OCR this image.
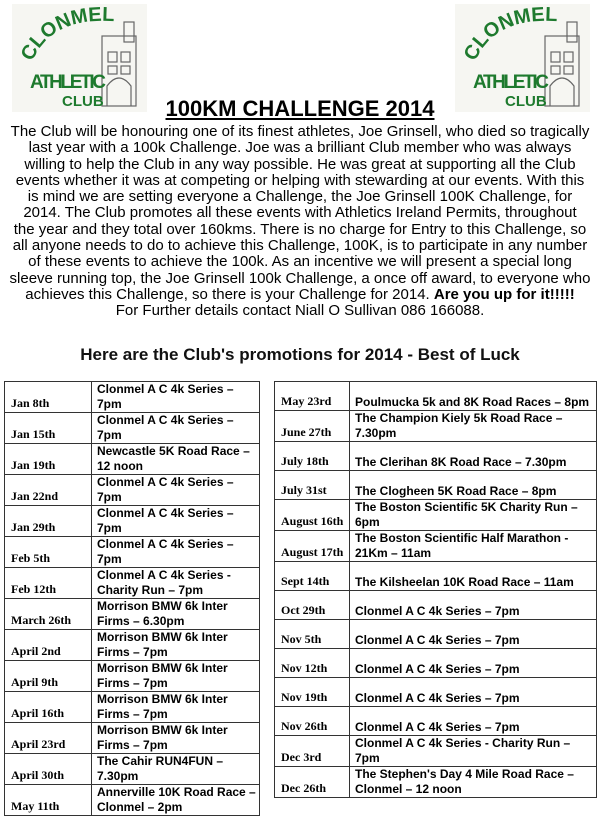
CLONMEL
ATHLETIC
CLUB
CLONMEL
ATHLETIC
CLUB
100KM CHALLENGE 2014
The Club will be honouring one of its finest athletes, Joe Grinsell, who died so tragically
last year with a 100k Challenge. Joe was a brilliant Club member who was always
willing to help the Club in any way possible. He was great at supporting all the Club
events whether it was at competing or helping with stewarding at our events. With this
is mind we are setting everyone a Challenge, the Joe Grinsell 100K Challenge, for
2014. The Club promotes all these events with Athletics Ireland Permits, throughout
the year and they total over 160kms. There is no charge for Entry to this Challenge, so
all anyone needs to do to achieve this Challenge, 100K, is to participate in any number
of these events to achieve the 100k. As an incentive we will present a special long
sleeve running top, the Joe Grinsell 100k Challenge, a once off award, to everyone who
achieves this Challenge, so there is your Challenge for 2014. Are you up for it!!!!!
For Further details contact Niall O Sullivan 086 166088.
Here are the Club's promotions for 2014 - Best of Luck
Jan 8th	Clonmel A C 4k Series – 7pm
Jan 15th	Clonmel A C 4k Series – 7pm
Jan 19th	Newcastle 5K Road Race – 12 noon
Jan 22nd	Clonmel A C 4k Series – 7pm
Jan 29th	Clonmel A C 4k Series – 7pm
Feb 5th	Clonmel A C 4k Series – 7pm
Feb 12th	Clonmel A C 4k Series - Charity Run – 7pm
March 26th	Morrison BMW 6k Inter Firms – 6.30pm
April 2nd	Morrison BMW 6k Inter Firms – 7pm
April 9th	Morrison BMW 6k Inter Firms – 7pm
April 16th	Morrison BMW 6k Inter Firms – 7pm
April 23rd	Morrison BMW 6k Inter Firms – 7pm
April 30th	The Cahir RUN4FUN – 7.30pm
May 11th	Annerville 10K Road Race – Clonmel – 2pm
May 23rd	Poulmucka 5k and 8K Road Races – 8pm
June 27th	The Champion Kiely 5k Road Race – 7.30pm
July 18th	The Clerihan 8K Road Race – 7.30pm
July 31st	The Clogheen 5K Road Race – 8pm
August 16th	The Boston Scientific 5K Charity Run – 6pm
August 17th	The Boston Scientific Half Marathon - 21Km – 11am
Sept 14th	The Kilsheelan 10K Road Race – 11am
Oct 29th	Clonmel A C 4k Series – 7pm
Nov 5th	Clonmel A C 4k Series – 7pm
Nov 12th	Clonmel A C 4k Series – 7pm
Nov 19th	Clonmel A C 4k Series – 7pm
Nov 26th	Clonmel A C 4k Series – 7pm
Dec 3rd	Clonmel A C 4k Series - Charity Run – 7pm
Dec 26th	The Stephen's Day 4 Mile Road Race – Clonmel – 12 noon
